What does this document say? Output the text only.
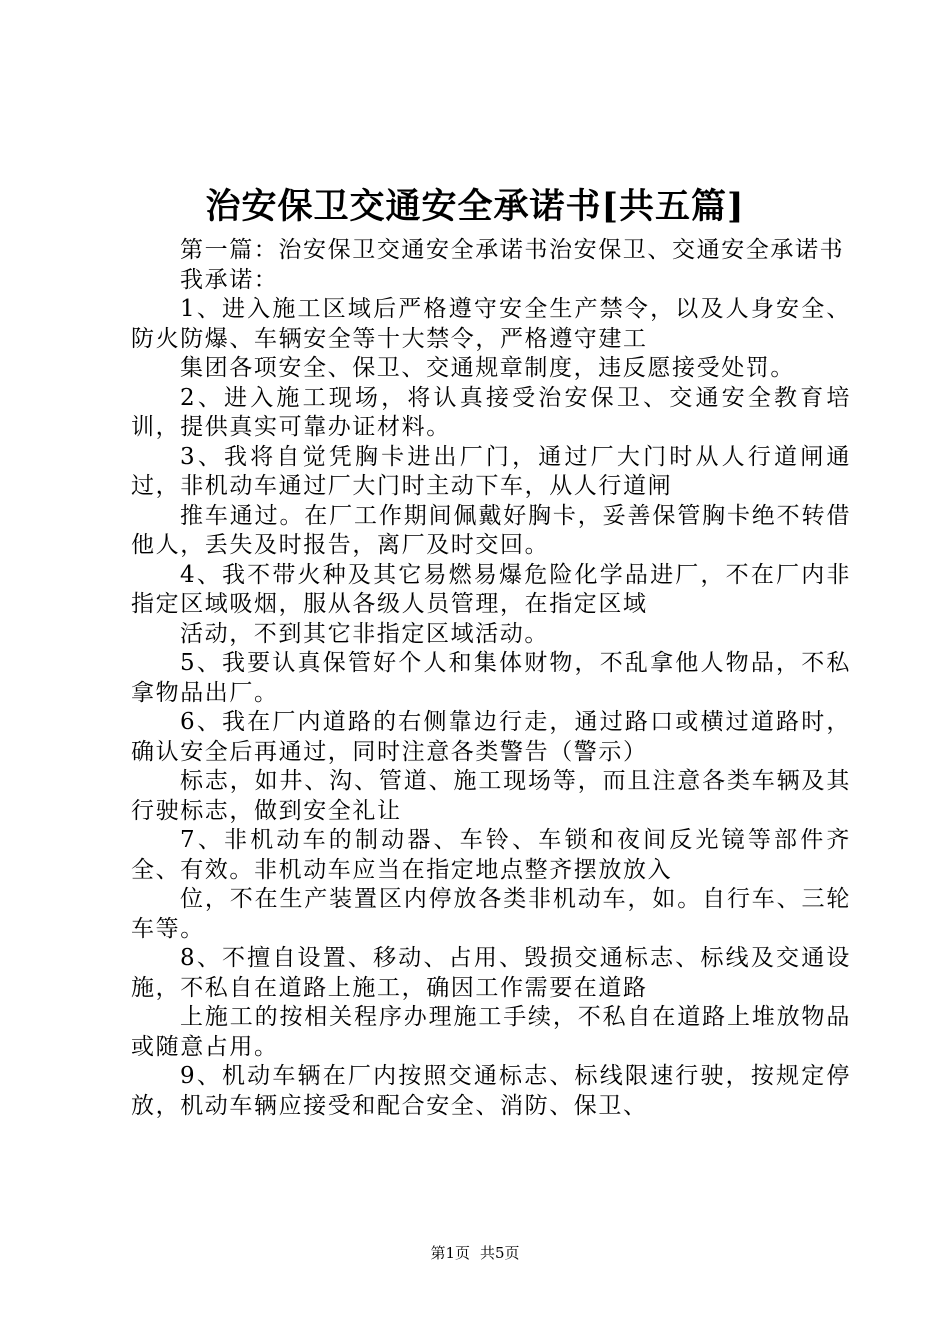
治安保卫交通安全承诺书[共五篇]

第一篇：治安保卫交通安全承诺书治安保卫、交通安全承诺书

我承诺：

1、进入施工区域后严格遵守安全生产禁令，以及人身安全、防火防爆、车辆安全等十大禁令，严格遵守建工

集团各项安全、保卫、交通规章制度，违反愿接受处罚。

2、进入施工现场，将认真接受治安保卫、交通安全教育培训，提供真实可靠办证材料。

3、我将自觉凭胸卡进出厂门，通过厂大门时从人行道闸通过，非机动车通过厂大门时主动下车，从人行道闸

推车通过。在厂工作期间佩戴好胸卡，妥善保管胸卡绝不转借他人，丢失及时报告，离厂及时交回。

4、我不带火种及其它易燃易爆危险化学品进厂，不在厂内非指定区域吸烟，服从各级人员管理，在指定区域

活动，不到其它非指定区域活动。

5、我要认真保管好个人和集体财物，不乱拿他人物品，不私拿物品出厂。

6、我在厂内道路的右侧靠边行走，通过路口或横过道路时，确认安全后再通过，同时注意各类警告（警示）

标志，如井、沟、管道、施工现场等，而且注意各类车辆及其行驶标志，做到安全礼让

7、非机动车的制动器、车铃、车锁和夜间反光镜等部件齐全、有效。非机动车应当在指定地点整齐摆放放入

位，不在生产装置区内停放各类非机动车，如。自行车、三轮车等。

8、不擅自设置、移动、占用、毁损交通标志、标线及交通设施，不私自在道路上施工，确因工作需要在道路

上施工的按相关程序办理施工手续，不私自在道路上堆放物品或随意占用。

9、机动车辆在厂内按照交通标志、标线限速行驶，按规定停放，机动车辆应接受和配合安全、消防、保卫、

第1页 共5页
